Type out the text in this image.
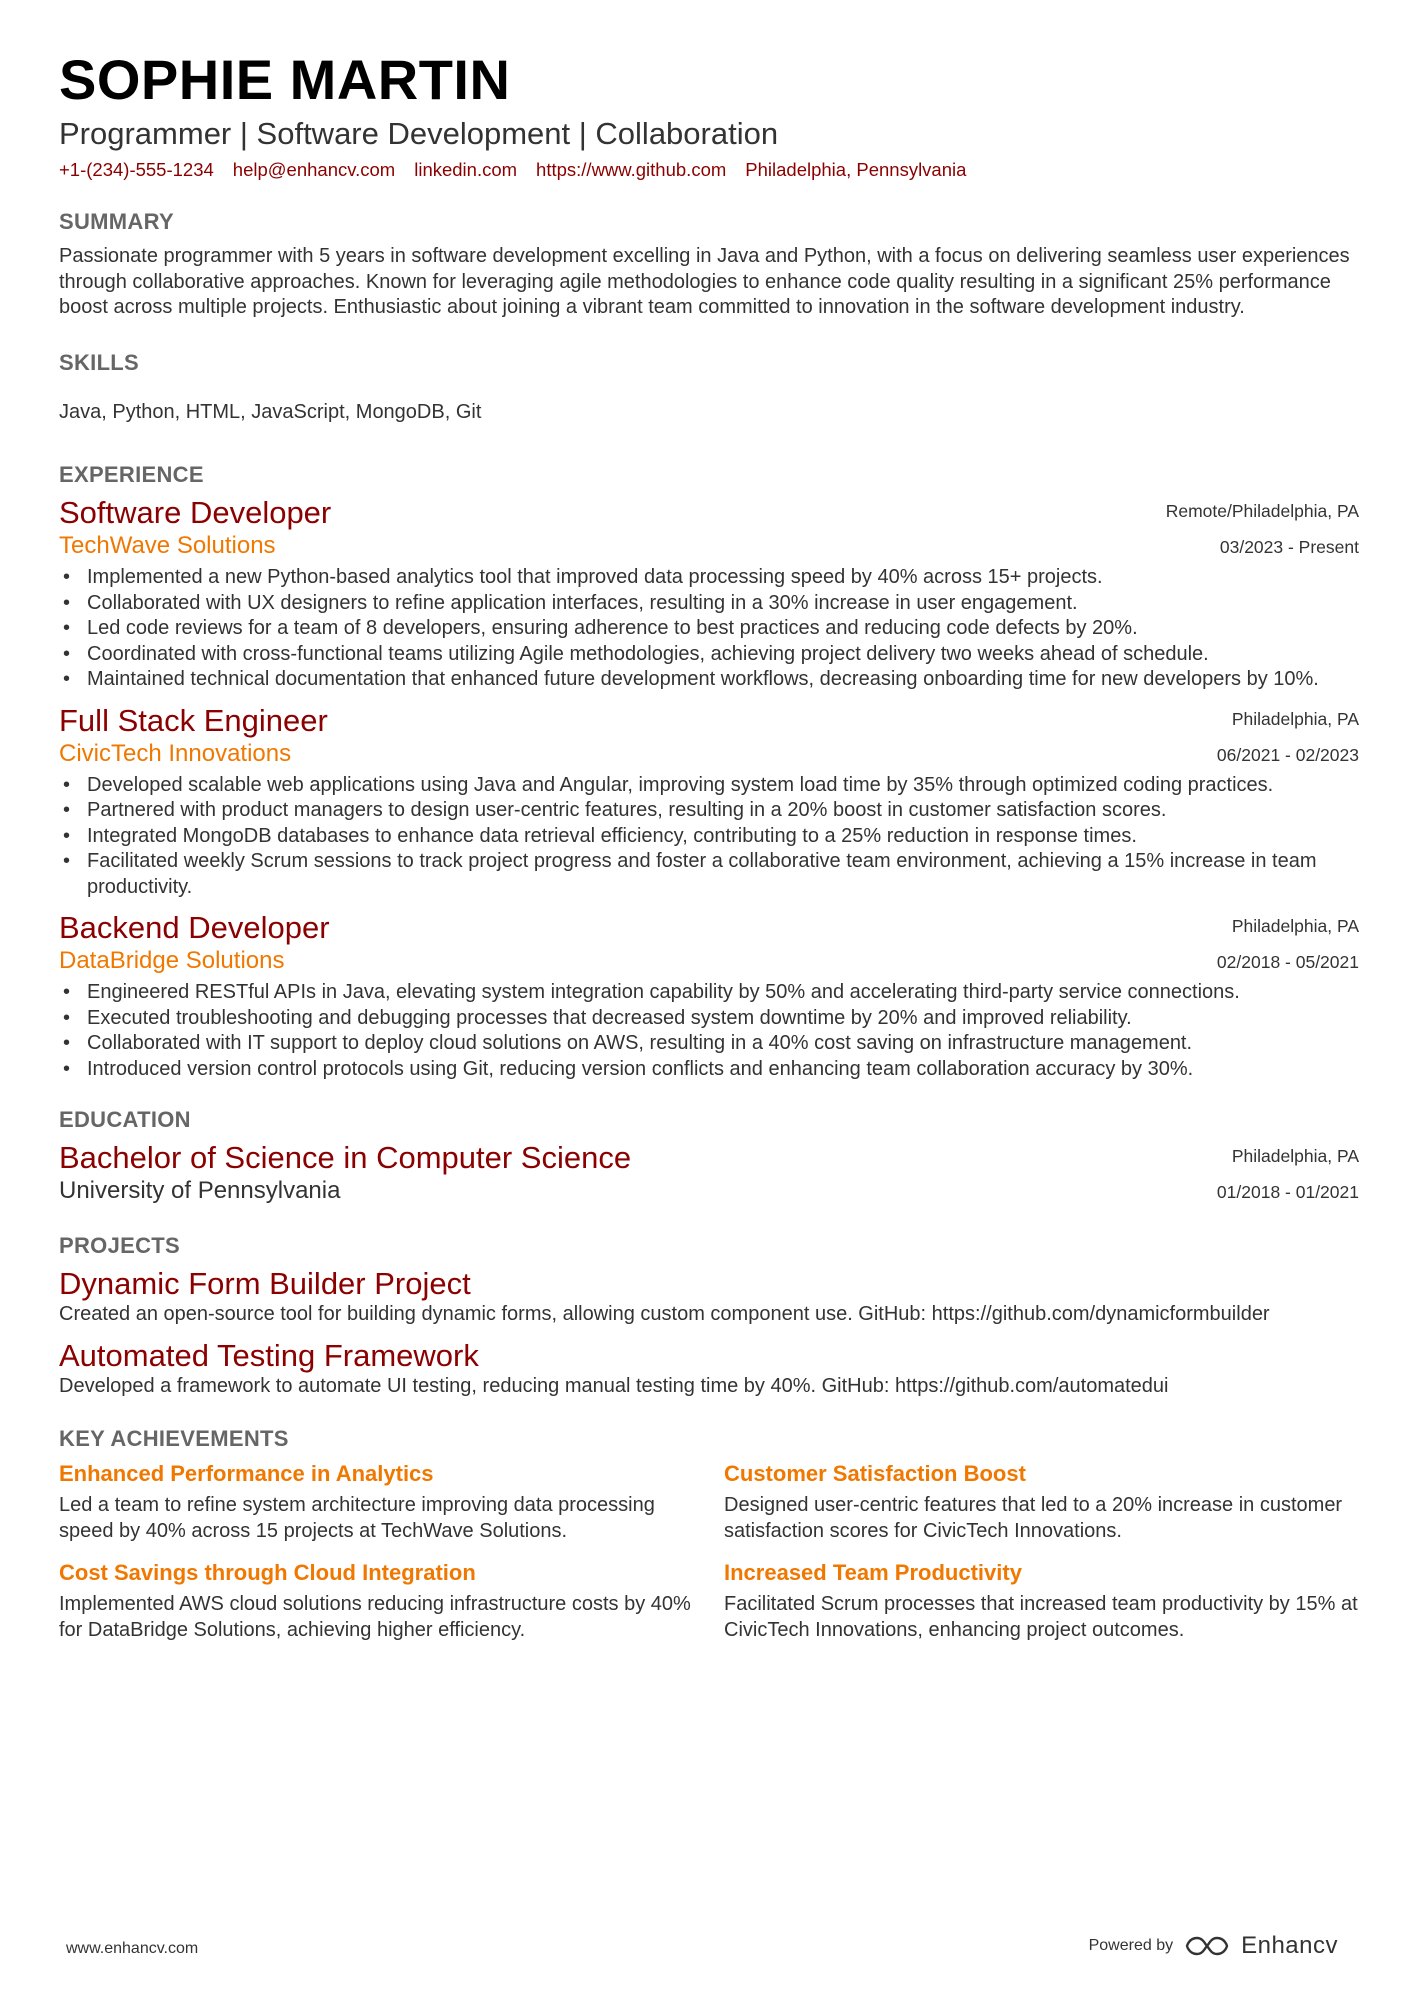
SOPHIE MARTIN
Programmer | Software Development | Collaboration
+1-(234)-555-1234 help@enhancv.com linkedin.com https://www.github.com Philadelphia, Pennsylvania
SUMMARY
Passionate programmer with 5 years in software development excelling in Java and Python, with a focus on delivering seamless user experiences through collaborative approaches. Known for leveraging agile methodologies to enhance code quality resulting in a significant 25% performance boost across multiple projects. Enthusiastic about joining a vibrant team committed to innovation in the software development industry.
SKILLS
Java, Python, HTML, JavaScript, MongoDB, Git
EXPERIENCE
Remote/Philadelphia, PA
03/2023 - Present
Software Developer
TechWave Solutions
• Implemented a new Python-based analytics tool that improved data processing speed by 40% across 15+ projects.
• Collaborated with UX designers to refine application interfaces, resulting in a 30% increase in user engagement.
• Led code reviews for a team of 8 developers, ensuring adherence to best practices and reducing code defects by 20%.
• Coordinated with cross-functional teams utilizing Agile methodologies, achieving project delivery two weeks ahead of schedule.
• Maintained technical documentation that enhanced future development workflows, decreasing onboarding time for new developers by 10%.
Philadelphia, PA
06/2021 - 02/2023
Full Stack Engineer
CivicTech Innovations
• Developed scalable web applications using Java and Angular, improving system load time by 35% through optimized coding practices.
• Partnered with product managers to design user-centric features, resulting in a 20% boost in customer satisfaction scores.
• Integrated MongoDB databases to enhance data retrieval efficiency, contributing to a 25% reduction in response times.
• Facilitated weekly Scrum sessions to track project progress and foster a collaborative team environment, achieving a 15% increase in team productivity.
Philadelphia, PA
02/2018 - 05/2021
Backend Developer
DataBridge Solutions
• Engineered RESTful APIs in Java, elevating system integration capability by 50% and accelerating third-party service connections.
• Executed troubleshooting and debugging processes that decreased system downtime by 20% and improved reliability.
• Collaborated with IT support to deploy cloud solutions on AWS, resulting in a 40% cost saving on infrastructure management.
• Introduced version control protocols using Git, reducing version conflicts and enhancing team collaboration accuracy by 30%.
EDUCATION
Philadelphia, PA
01/2018 - 01/2021
Bachelor of Science in Computer Science
University of Pennsylvania
PROJECTS
Dynamic Form Builder Project
Created an open-source tool for building dynamic forms, allowing custom component use. GitHub: https://github.com/dynamicformbuilder
Automated Testing Framework
Developed a framework to automate UI testing, reducing manual testing time by 40%. GitHub: https://github.com/automatedui
KEY ACHIEVEMENTS
Enhanced Performance in Analytics
Led a team to refine system architecture improving data processing speed by 40% across 15 projects at TechWave Solutions.
Customer Satisfaction Boost
Designed user-centric features that led to a 20% increase in customer satisfaction scores for CivicTech Innovations.
Cost Savings through Cloud Integration
Implemented AWS cloud solutions reducing infrastructure costs by 40% for DataBridge Solutions, achieving higher efficiency.
Increased Team Productivity
Facilitated Scrum processes that increased team productivity by 15% at CivicTech Innovations, enhancing project outcomes.
www.enhancv.com	Powered by	Enhancv
